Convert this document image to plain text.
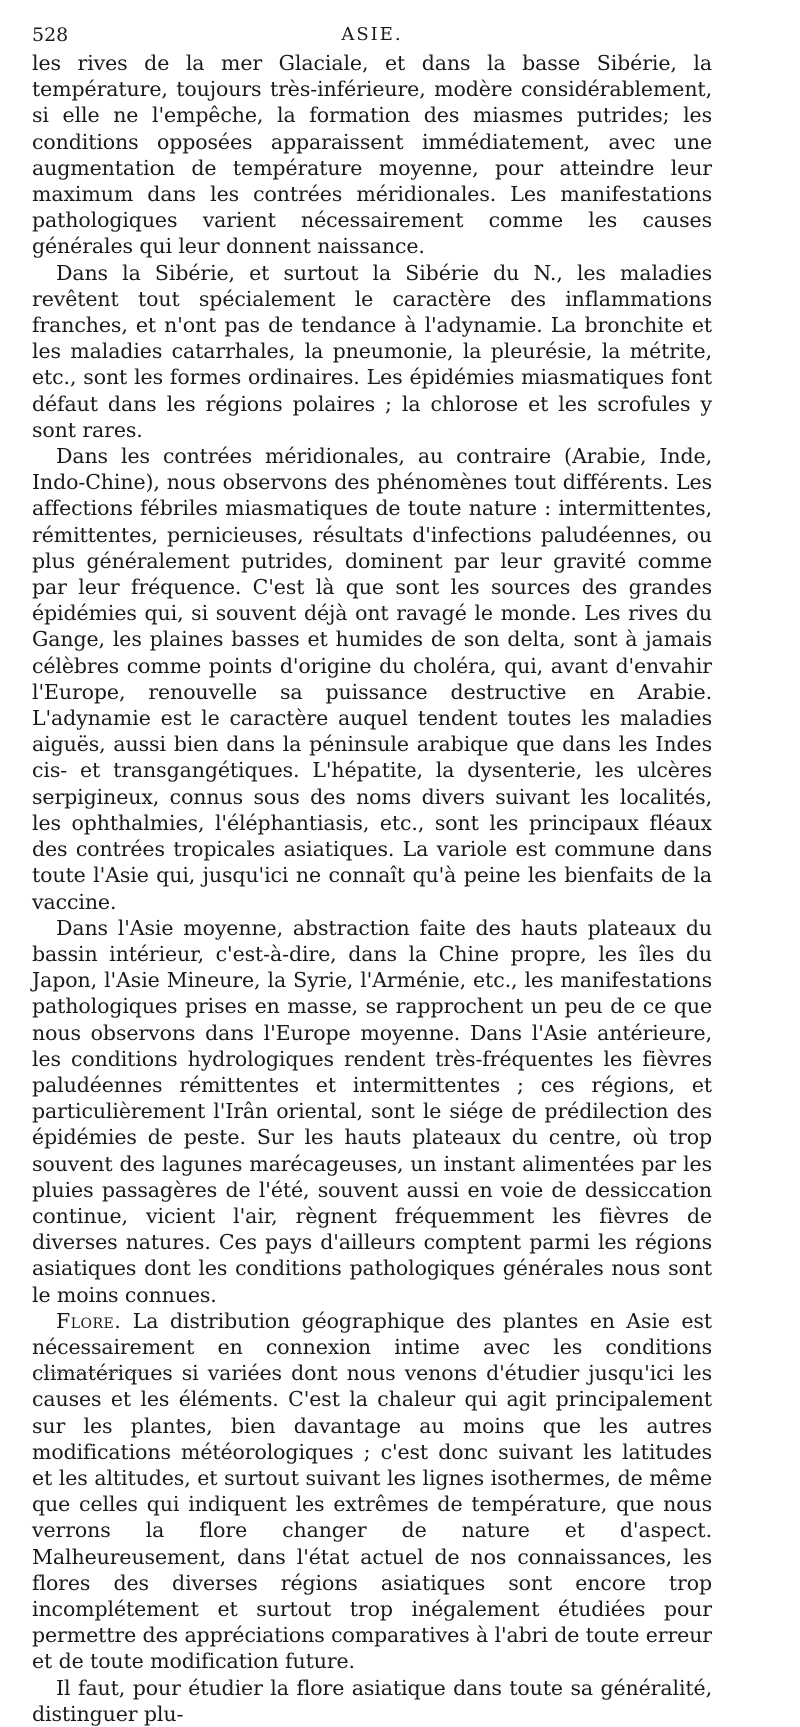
528	ASIE.

les rives de la mer Glaciale, et dans la basse Sibérie, la température, toujours très-inférieure, modère considérablement, si elle ne l'empêche, la formation des miasmes putrides; les conditions opposées apparaissent immédiatement, avec une augmentation de température moyenne, pour atteindre leur maximum dans les contrées méridionales. Les manifestations pathologiques varient nécessairement comme les causes générales qui leur donnent naissance.

Dans la Sibérie, et surtout la Sibérie du N., les maladies revêtent tout spécialement le caractère des inflammations franches, et n'ont pas de tendance à l'adynamie. La bronchite et les maladies catarrhales, la pneumonie, la pleurésie, la métrite, etc., sont les formes ordinaires. Les épidémies miasmatiques font défaut dans les régions polaires ; la chlorose et les scrofules y sont rares.

Dans les contrées méridionales, au contraire (Arabie, Inde, Indo-Chine), nous observons des phénomènes tout différents. Les affections fébriles miasmatiques de toute nature : intermittentes, rémittentes, pernicieuses, résultats d'infections paludéennes, ou plus généralement putrides, dominent par leur gravité comme par leur fréquence. C'est là que sont les sources des grandes épidémies qui, si souvent déjà ont ravagé le monde. Les rives du Gange, les plaines basses et humides de son delta, sont à jamais célèbres comme points d'origine du choléra, qui, avant d'envahir l'Europe, renouvelle sa puissance destructive en Arabie. L'adynamie est le caractère auquel tendent toutes les maladies aiguës, aussi bien dans la péninsule arabique que dans les Indes cis- et transgangétiques. L'hépatite, la dysenterie, les ulcères serpigineux, connus sous des noms divers suivant les localités, les ophthalmies, l'éléphantiasis, etc., sont les principaux fléaux des contrées tropicales asiatiques. La variole est commune dans toute l'Asie qui, jusqu'ici ne connaît qu'à peine les bienfaits de la vaccine.

Dans l'Asie moyenne, abstraction faite des hauts plateaux du bassin intérieur, c'est-à-dire, dans la Chine propre, les îles du Japon, l'Asie Mineure, la Syrie, l'Arménie, etc., les manifestations pathologiques prises en masse, se rapprochent un peu de ce que nous observons dans l'Europe moyenne. Dans l'Asie antérieure, les conditions hydrologiques rendent très-fréquentes les fièvres paludéennes rémittentes et intermittentes ; ces régions, et particulièrement l'Irân oriental, sont le siége de prédilection des épidémies de peste. Sur les hauts plateaux du centre, où trop souvent des lagunes marécageuses, un instant alimentées par les pluies passagères de l'été, souvent aussi en voie de dessiccation continue, vicient l'air, règnent fréquemment les fièvres de diverses natures. Ces pays d'ailleurs comptent parmi les régions asiatiques dont les conditions pathologiques générales nous sont le moins connues.

Flore. La distribution géographique des plantes en Asie est nécessairement en connexion intime avec les conditions climatériques si variées dont nous venons d'étudier jusqu'ici les causes et les éléments. C'est la chaleur qui agit principalement sur les plantes, bien davantage au moins que les autres modifications météorologiques ; c'est donc suivant les latitudes et les altitudes, et surtout suivant les lignes isothermes, de même que celles qui indiquent les extrêmes de température, que nous verrons la flore changer de nature et d'aspect. Malheureusement, dans l'état actuel de nos connaissances, les flores des diverses régions asiatiques sont encore trop incomplétement et surtout trop inégalement étudiées pour permettre des appréciations comparatives à l'abri de toute erreur et de toute modification future.

Il faut, pour étudier la flore asiatique dans toute sa généralité, distinguer plu-
